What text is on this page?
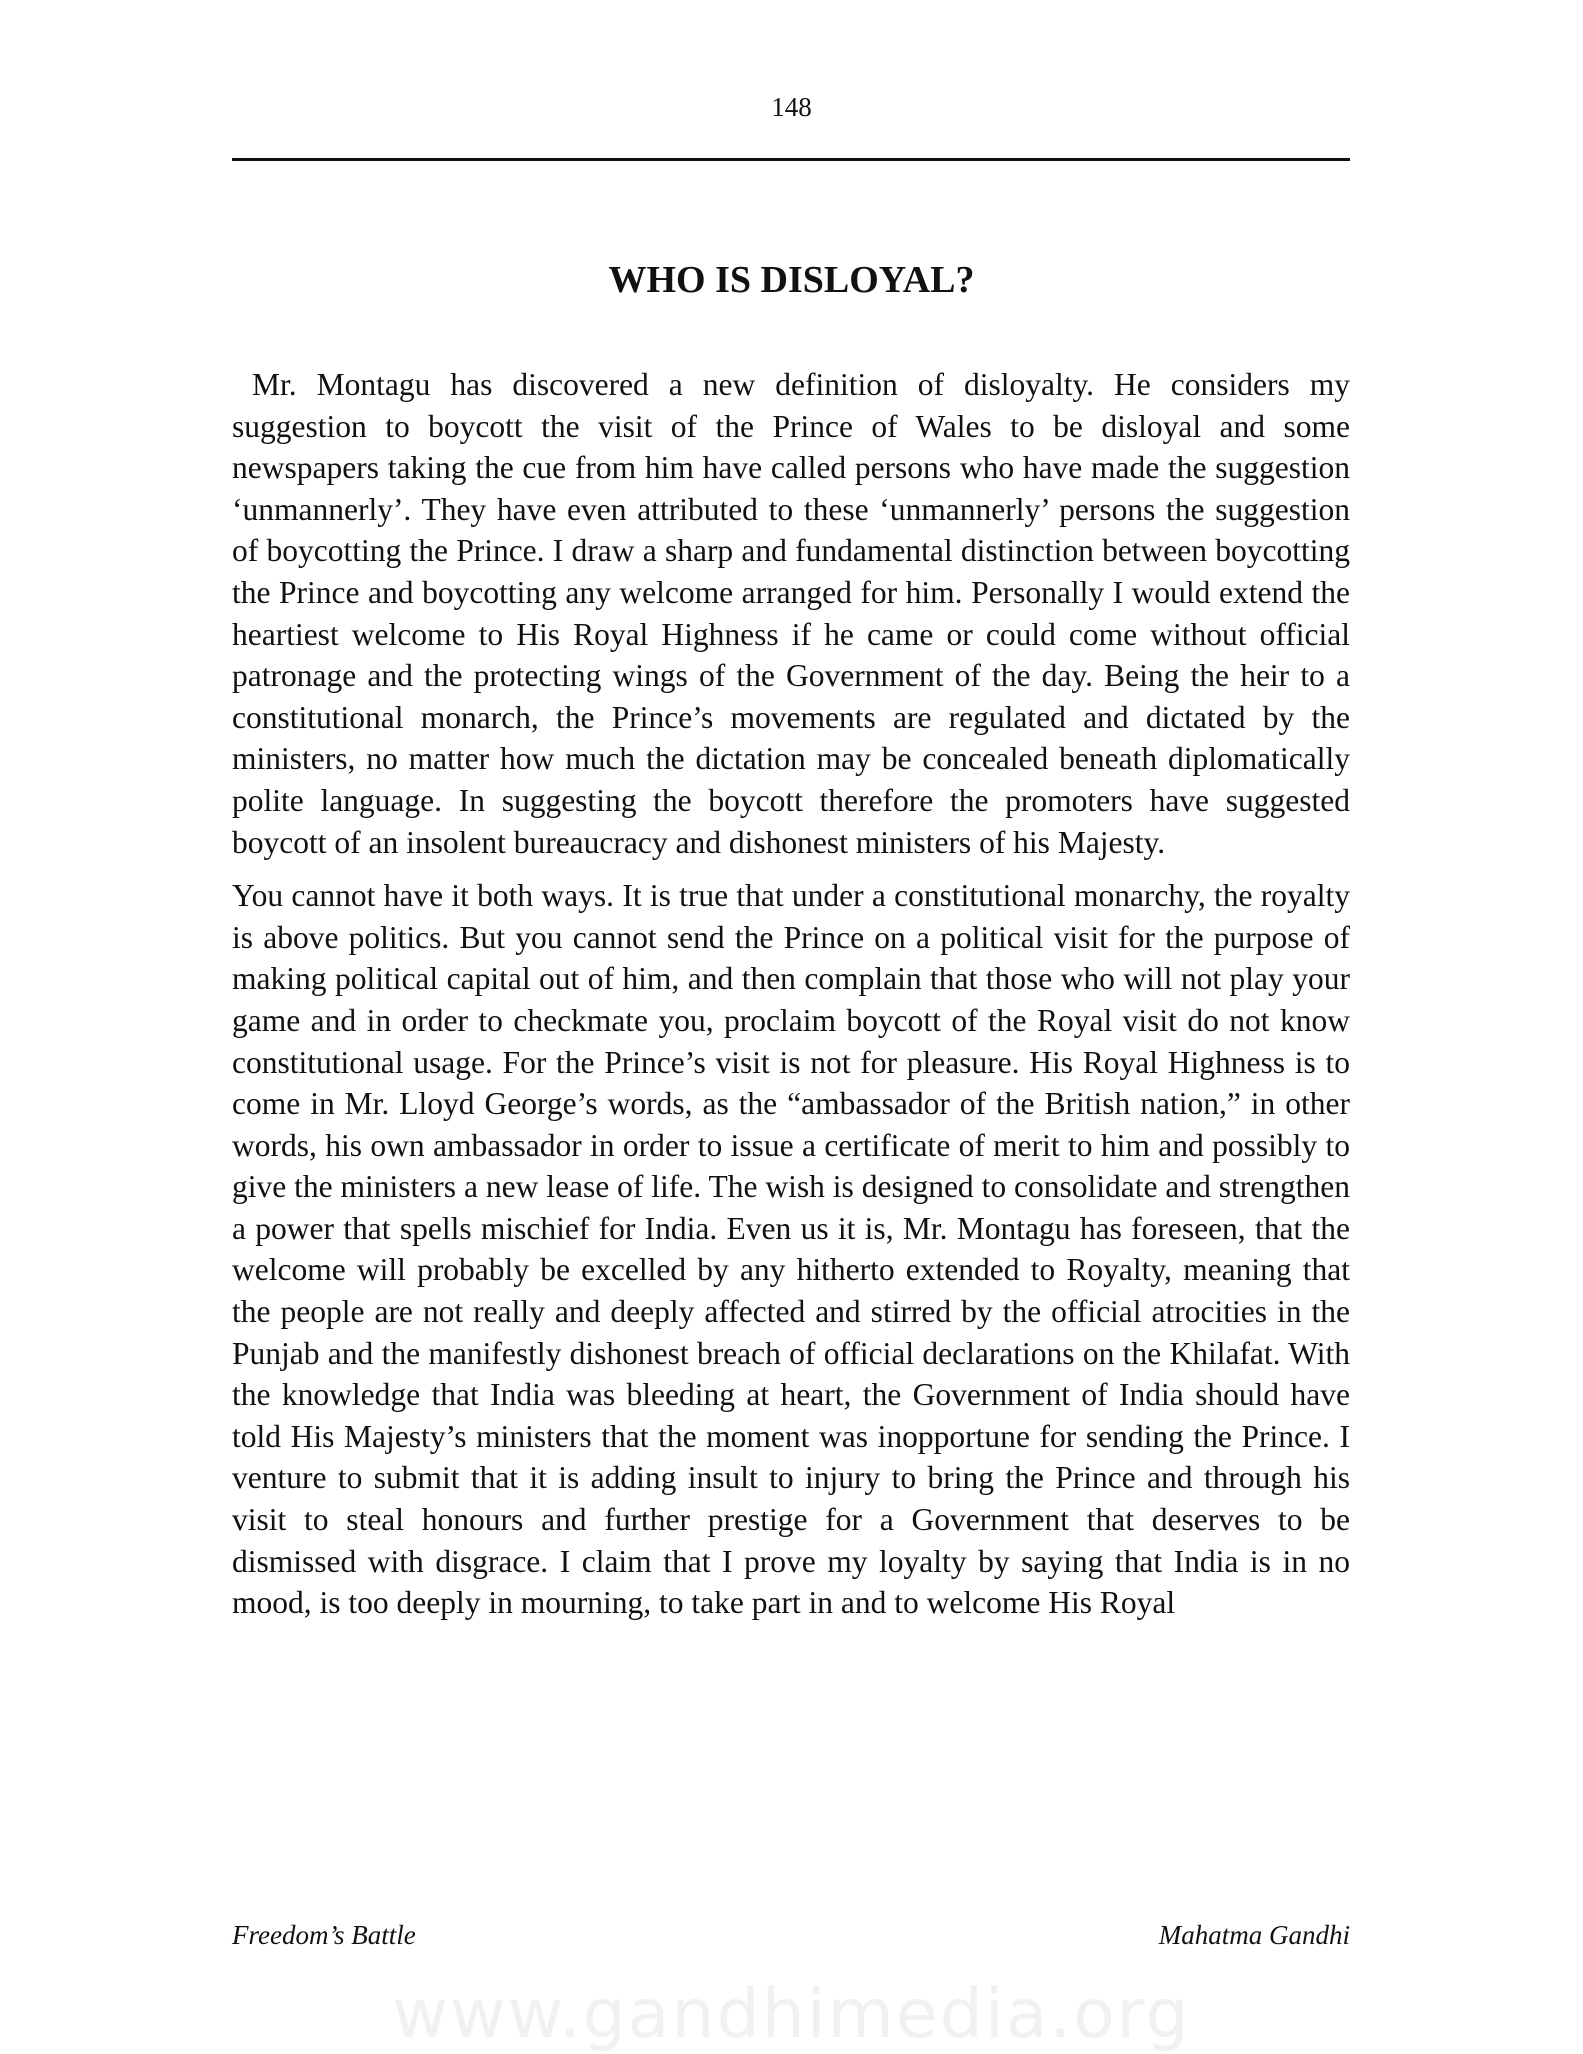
148
WHO IS DISLOYAL?

Mr. Montagu has discovered a new definition of disloyalty. He considers my suggestion to boycott the visit of the Prince of Wales to be disloyal and some newspapers taking the cue from him have called persons who have made the suggestion ‘unmannerly’. They have even attributed to these ‘unmannerly’ persons the suggestion of boycotting the Prince. I draw a sharp and fundamental distinction between boycotting the Prince and boycotting any welcome arranged for him. Personally I would extend the heartiest welcome to His Royal Highness if he came or could come without official patronage and the protecting wings of the Government of the day. Being the heir to a constitutional monarch, the Prince’s movements are regulated and dictated by the ministers, no matter how much the dictation may be concealed beneath diplomatically polite language. In suggesting the boycott therefore the promoters have suggested boycott of an insolent bureaucracy and dishonest ministers of his Majesty.

You cannot have it both ways. It is true that under a constitutional monarchy, the royalty is above politics. But you cannot send the Prince on a political visit for the purpose of making political capital out of him, and then complain that those who will not play your game and in order to checkmate you, proclaim boycott of the Royal visit do not know constitutional usage. For the Prince’s visit is not for pleasure. His Royal Highness is to come in Mr. Lloyd George’s words, as the “ambassador of the British nation,” in other words, his own ambassador in order to issue a certificate of merit to him and possibly to give the ministers a new lease of life. The wish is designed to consolidate and strengthen a power that spells mischief for India. Even us it is, Mr. Montagu has foreseen, that the welcome will probably be excelled by any hitherto extended to Royalty, meaning that the people are not really and deeply affected and stirred by the official atrocities in the Punjab and the manifestly dishonest breach of official declarations on the Khilafat. With the knowledge that India was bleeding at heart, the Government of India should have told His Majesty’s ministers that the moment was inopportune for sending the Prince. I venture to submit that it is adding insult to injury to bring the Prince and through his visit to steal honours and further prestige for a Government that deserves to be dismissed with disgrace. I claim that I prove my loyalty by saying that India is in no mood, is too deeply in mourning, to take part in and to welcome His Royal

Freedom’s Battle	Mahatma Gandhi
www.gandhimedia.org
